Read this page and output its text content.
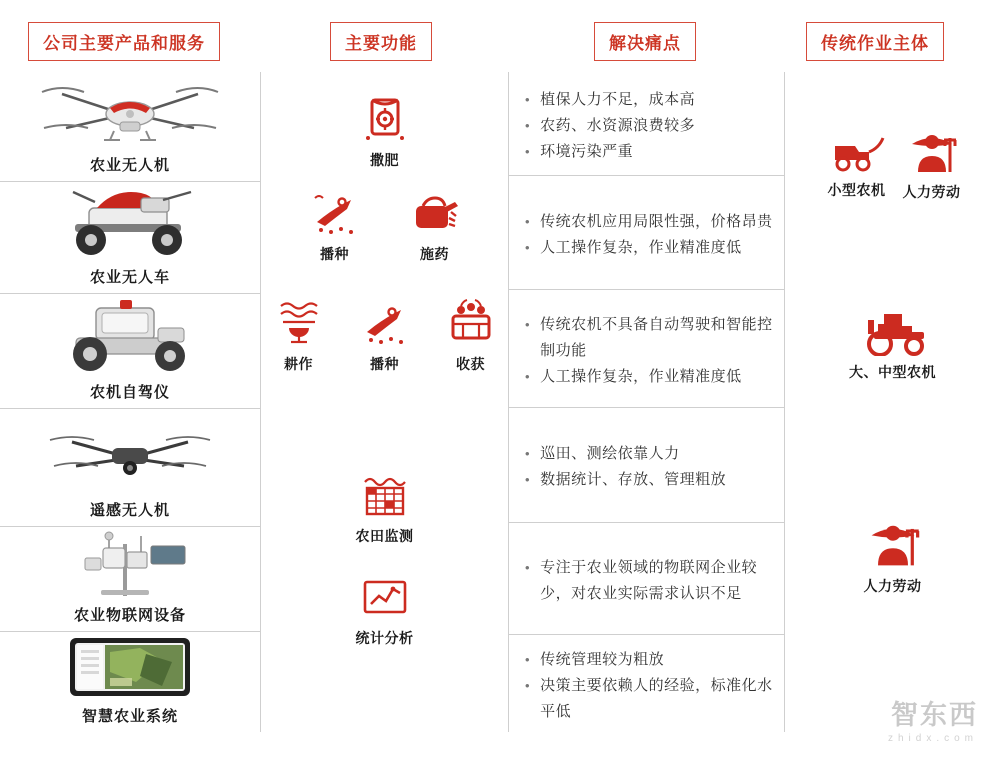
公司主要产品和服务	主要功能	解决痛点	传统作业主体
农业无人机
农业无人车
农机自驾仪
遥感无人机
农业物联网设备
智慧农业系统
撒肥
播种	施药
耕作	播种	收获
农田监测
统计分析
• 植保人力不足，成本高
• 农药、水资源浪费较多
• 环境污染严重
• 传统农机应用局限性强，价格昂贵
• 人工操作复杂，作业精准度低
• 传统农机不具备自动驾驶和智能控制功能
• 人工操作复杂，作业精准度低
• 巡田、测绘依靠人力
• 数据统计、存放、管理粗放
• 专注于农业领域的物联网企业较少，对农业实际需求认识不足
• 传统管理较为粗放
• 决策主要依赖人的经验，标准化水平低
小型农机 人力劳动
大、中型农机
人力劳动
智东西
zhidx.com
